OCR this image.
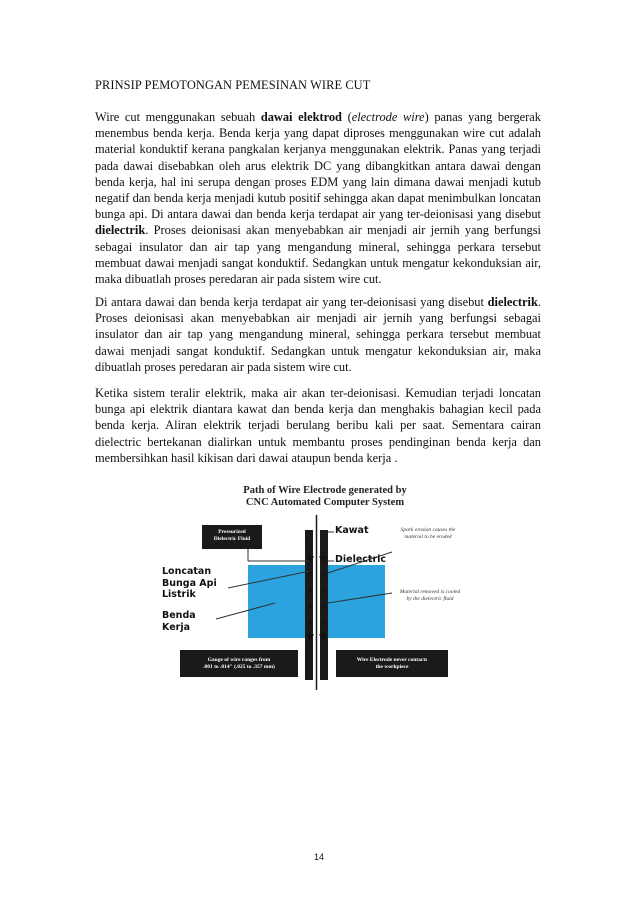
PRINSIP PEMOTONGAN PEMESINAN WIRE CUT

Wire cut menggunakan sebuah dawai elektrod (electrode wire) panas yang bergerak menembus benda kerja. Benda kerja yang dapat diproses menggunakan wire cut adalah material konduktif kerana pangkalan kerjanya menggunakan elektrik. Panas yang terjadi pada dawai disebabkan oleh arus elektrik DC yang dibangkitkan antara dawai dengan benda kerja, hal ini serupa dengan proses EDM yang lain dimana dawai menjadi kutub negatif dan benda kerja menjadi kutub positif sehingga akan dapat menimbulkan loncatan bunga api. Di antara dawai dan benda kerja terdapat air yang ter-deionisasi yang disebut dielectrik. Proses deionisasi akan menyebabkan air menjadi air jernih yang berfungsi sebagai insulator dan air tap yang mengandung mineral, sehingga perkara tersebut membuat dawai menjadi sangat konduktif. Sedangkan untuk mengatur kekonduksian air, maka dibuatlah proses peredaran air pada sistem wire cut.

Di antara dawai dan benda kerja terdapat air yang ter-deionisasi yang disebut dielectrik. Proses deionisasi akan menyebabkan air menjadi air jernih yang berfungsi sebagai insulator dan air tap yang mengandung mineral, sehingga perkara tersebut membuat dawai menjadi sangat konduktif. Sedangkan untuk mengatur kekonduksian air, maka dibuatlah proses peredaran air pada sistem wire cut.

Ketika sistem teralir elektrik, maka air akan ter-deionisasi. Kemudian terjadi loncatan bunga api elektrik diantara kawat dan benda kerja dan menghakis bahagian kecil pada benda kerja. Aliran elektrik terjadi berulang beribu kali per saat. Sementara cairan dielectric bertekanan dialirkan untuk membantu proses pendinginan benda kerja dan membersihkan hasil kikisan dari dawai ataupun benda kerja .

Path of Wire Electrode generated by
CNC Automated Computer System
Pressurized
Dielectric Fluid
Kawat
Dielectric
Spark erosion causes the
material to be eroded
Material removed is cooled
by the dielectric fluid
Loncatan
Bunga Api
Listrik
Benda
Kerja
Gauge of wire ranges from
.001 to .014" (.025 to .357 mm)
Wire Electrode never contacts
the workpiece
14
